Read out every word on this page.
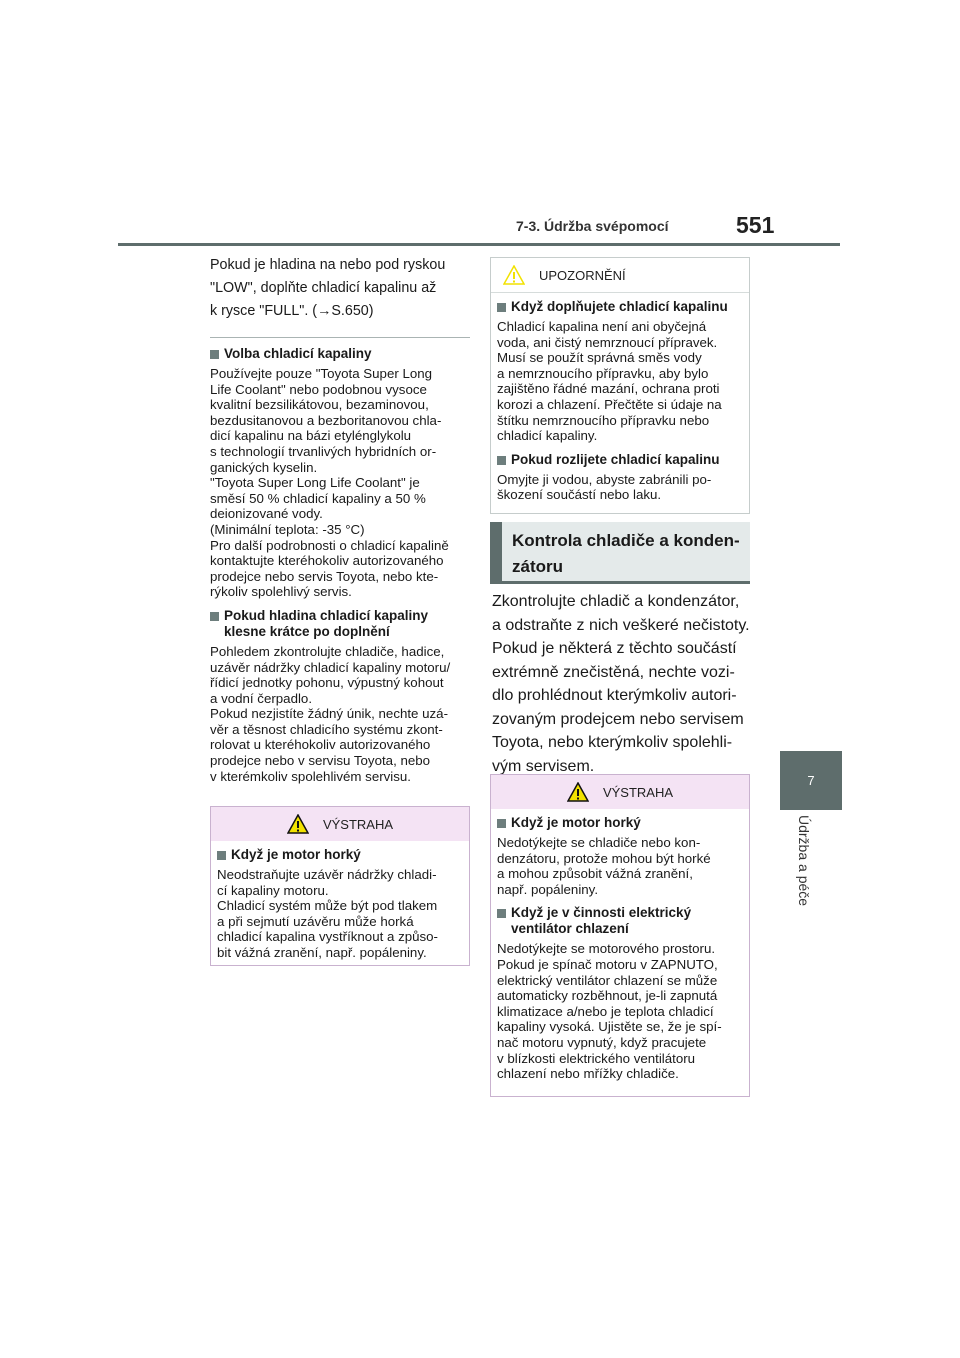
7-3. Údržba svépomocí	551
7
Údržba a péče

Pokud je hladina na nebo pod ryskou
"LOW", doplňte chladicí kapalinu až
k rysce "FULL". (→S.650)

Volba chladicí kapaliny

Používejte pouze "Toyota Super Long
Life Coolant" nebo podobnou vysoce
kvalitní bezsilikátovou, bezaminovou,
bezdusitanovou a bezboritanovou chla-
dicí kapalinu na bázi etylénglykolu
s technologií trvanlivých hybridních or-
ganických kyselin.
"Toyota Super Long Life Coolant" je
směsí 50 % chladicí kapaliny a 50 %
deionizované vody.
(Minimální teplota: -35 °C)
Pro další podrobnosti o chladicí kapalině
kontaktujte kteréhokoliv autorizovaného
prodejce nebo servis Toyota, nebo kte-
rýkoliv spolehlivý servis.

Pokud hladina chladicí kapaliny
klesne krátce po doplnění

Pohledem zkontrolujte chladiče, hadice,
uzávěr nádržky chladicí kapaliny motoru/
řídicí jednotky pohonu, výpustný kohout
a vodní čerpadlo.
Pokud nezjistíte žádný únik, nechte uzá-
věr a těsnost chladicího systému zkont-
rolovat u kteréhokoliv autorizovaného
prodejce nebo v servisu Toyota, nebo
v kterémkoliv spolehlivém servisu.

VÝSTRAHA
Když je motor horký

Neodstraňujte uzávěr nádržky chladi-
cí kapaliny motoru.
Chladicí systém může být pod tlakem
a při sejmutí uzávěru může horká
chladicí kapalina vystříknout a způso-
bit vážná zranění, např. popáleniny.

UPOZORNĚNÍ
Když doplňujete chladicí kapalinu

Chladicí kapalina není ani obyčejná
voda, ani čistý nemrznoucí přípravek.
Musí se použít správná směs vody
a nemrznoucího přípravku, aby bylo
zajištěno řádné mazání, ochrana proti
korozi a chlazení. Přečtěte si údaje na
štítku nemrznoucího přípravku nebo
chladicí kapaliny.

Pokud rozlijete chladicí kapalinu

Omyjte ji vodou, abyste zabránili po-
škození součástí nebo laku.

Kontrola chladiče a konden-
zátoru

Zkontrolujte chladič a kondenzátor,
a odstraňte z nich veškeré nečistoty.
Pokud je některá z těchto součástí
extrémně znečistěná, nechte vozi-
dlo prohlédnout kterýmkoliv autori-
zovaným prodejcem nebo servisem
Toyota, nebo kterýmkoliv spolehli-
vým servisem.

VÝSTRAHA
Když je motor horký

Nedotýkejte se chladiče nebo kon-
denzátoru, protože mohou být horké
a mohou způsobit vážná zranění,
např. popáleniny.

Když je v činnosti elektrický
ventilátor chlazení

Nedotýkejte se motorového prostoru.
Pokud je spínač motoru v ZAPNUTO,
elektrický ventilátor chlazení se může
automaticky rozběhnout, je-li zapnutá
klimatizace a/nebo je teplota chladicí
kapaliny vysoká. Ujistěte se, že je spí-
nač motoru vypnutý, když pracujete
v blízkosti elektrického ventilátoru
chlazení nebo mřížky chladiče.
